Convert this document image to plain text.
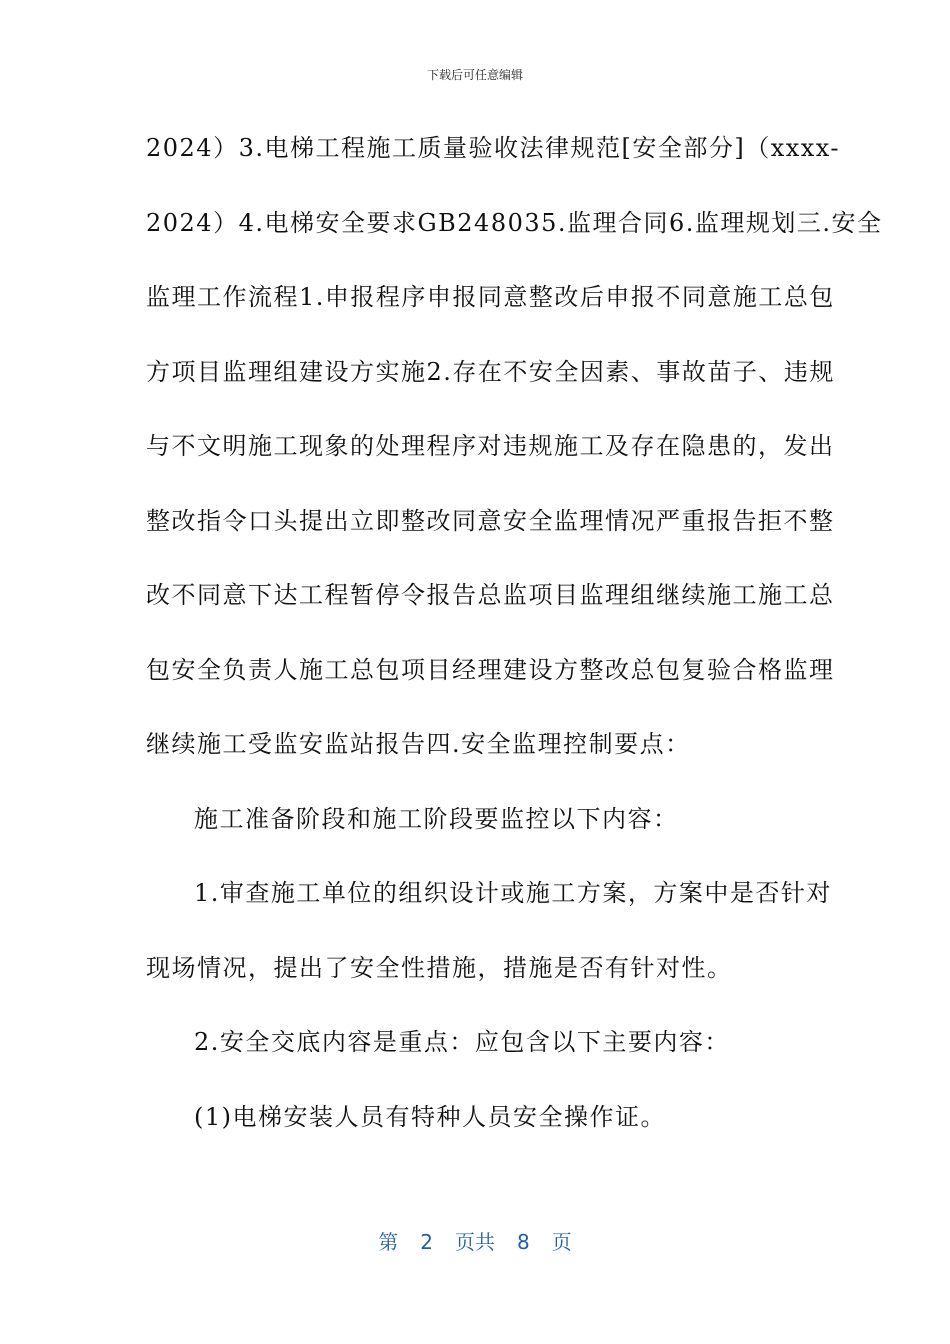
下载后可任意编辑
2024）3.电梯工程施工质量验收法律规范[安全部分]（xxxx-
2024）4.电梯安全要求GB248035.监理合同6.监理规划三.安全
监理工作流程1.申报程序申报同意整改后申报不同意施工总包
方项目监理组建设方实施2.存在不安全因素、事故苗子、违规
与不文明施工现象的处理程序对违规施工及存在隐患的，发出
整改指令口头提出立即整改同意安全监理情况严重报告拒不整
改不同意下达工程暂停令报告总监项目监理组继续施工施工总
包安全负责人施工总包项目经理建设方整改总包复验合格监理
继续施工受监安监站报告四.安全监理控制要点：
施工准备阶段和施工阶段要监控以下内容：
1.审查施工单位的组织设计或施工方案，方案中是否针对
现场情况，提出了安全性措施，措施是否有针对性。
2.安全交底内容是重点：应包含以下主要内容：
(1)电梯安装人员有特种人员安全操作证。
第 2 页共 8 页
